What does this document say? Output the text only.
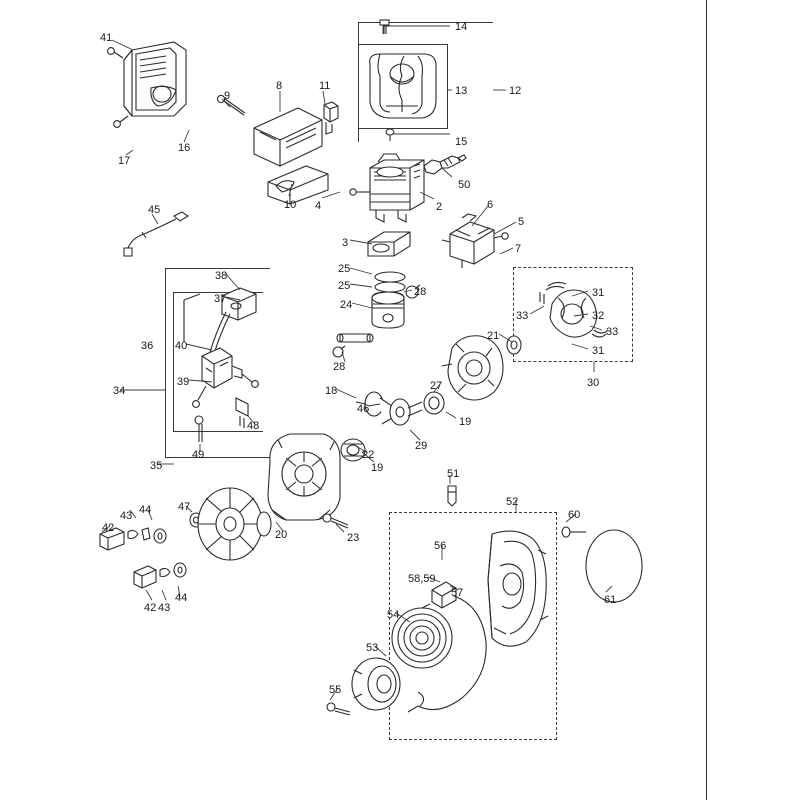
41
14
12
13
8	11
9
15
17
16
50
10 4	2	6
45
5
3	7
25
38
31
25	28
24
37
32
33
33
36 40
21
31
28
34
39	30
18	27
46
19
48
49
29
35	19
22
51
52
44
43
47
60
42
20	23
56
58,59
57
61
42 43
44
54
53
55
